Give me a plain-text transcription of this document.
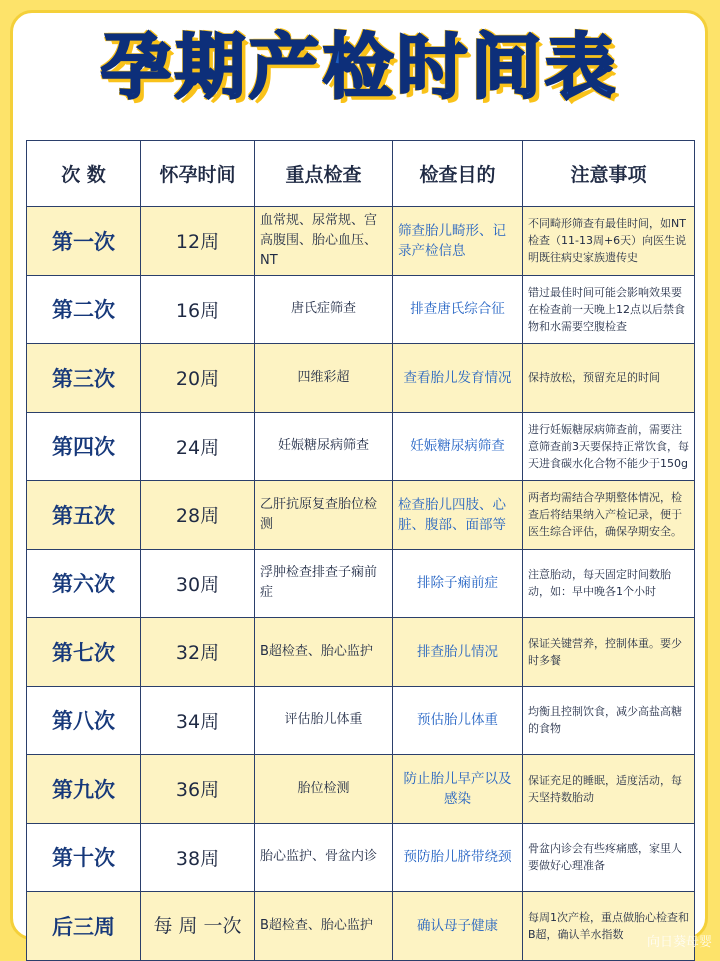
孕期产检时间表
次 数	怀孕时间	重点检查	检查目的	注意事项
第一次	12周	血常规、尿常规、宫高腹围、胎心血压、NT	筛查胎儿畸形、记录产检信息	不同畸形筛查有最佳时间，如NT检查（11-13周+6天）向医生说明既往病史家族遗传史
第二次	16周	唐氏症筛查	排查唐氏综合征	错过最佳时间可能会影响效果要在检查前一天晚上12点以后禁食物和水需要空腹检查
第三次	20周	四维彩超	查看胎儿发育情况	保持放松，预留充足的时间
第四次	24周	妊娠糖尿病筛查	妊娠糖尿病筛查	进行妊娠糖尿病筛查前，需要注意筛查前3天要保持正常饮食，每天进食碳水化合物不能少于150g
第五次	28周	乙肝抗原复查胎位检测	检查胎儿四肢、心脏、腹部、面部等	两者均需结合孕期整体情况，检查后将结果纳入产检记录，便于医生综合评估，确保孕期安全。
第六次	30周	浮肿检查排查子痫前症	排除子痫前症	注意胎动，每天固定时间数胎动，如：早中晚各1个小时
第七次	32周	B超检查、胎心监护	排查胎儿情况	保证关键营养，控制体重。要少时多餐
第八次	34周	评估胎儿体重	预估胎儿体重	均衡且控制饮食，减少高盐高糖的食物
第九次	36周	胎位检测	防止胎儿早产以及感染	保证充足的睡眠，适度活动，每天坚持数胎动
第十次	38周	胎心监护、骨盆内诊	预防胎儿脐带绕颈	骨盆内诊会有些疼痛感，家里人要做好心理准备
后三周	每 周 一次	B超检查、胎心监护	确认母子健康	每周1次产检，重点做胎心检查和B超，确认羊水指数
向日葵母婴
